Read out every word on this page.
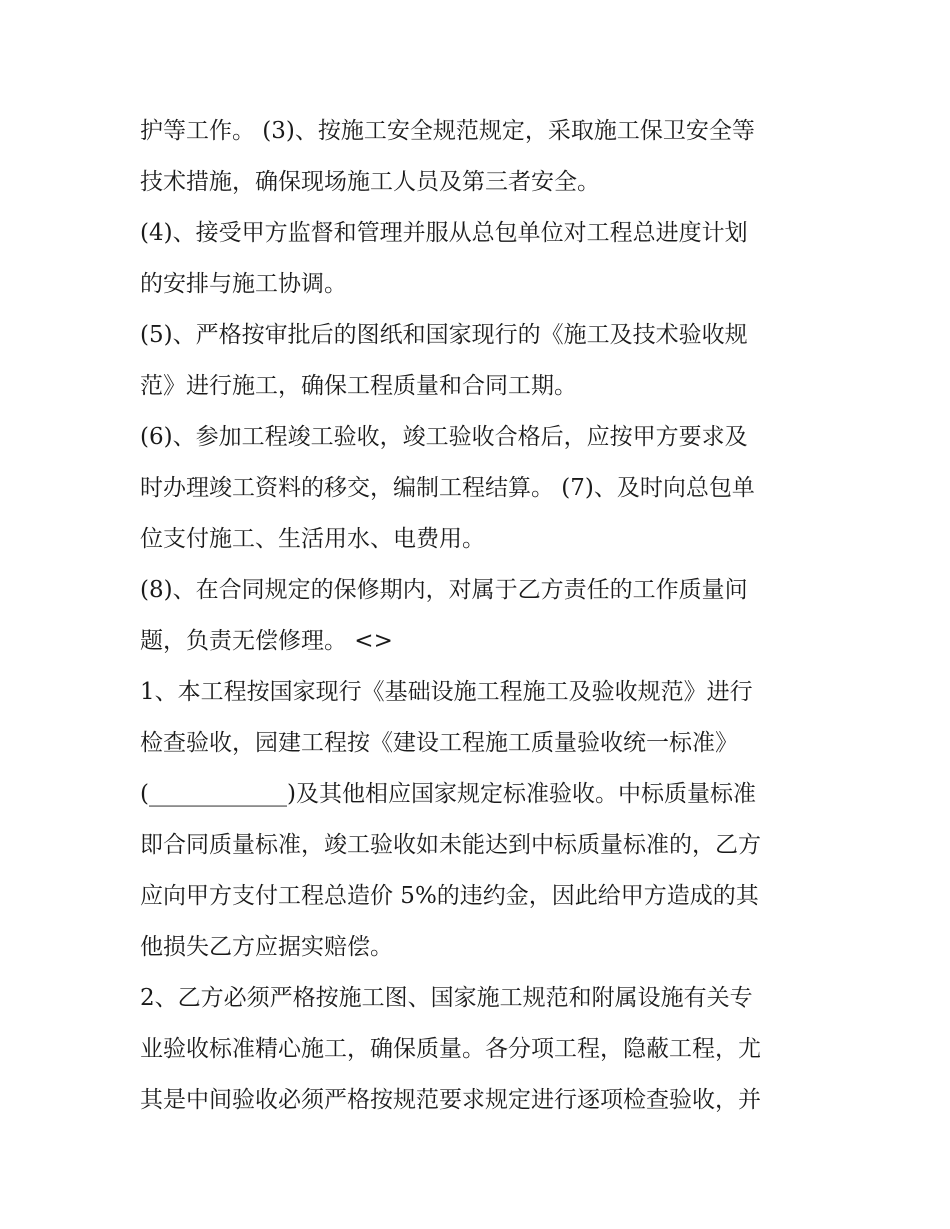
护等工作。 (3)、按施工安全规范规定，采取施工保卫安全等
技术措施，确保现场施工人员及第三者安全。

(4)、接受甲方监督和管理并服从总包单位对工程总进度计划
的安排与施工协调。

(5)、严格按审批后的图纸和国家现行的《施工及技术验收规
范》进行施工，确保工程质量和合同工期。

(6)、参加工程竣工验收，竣工验收合格后，应按甲方要求及
时办理竣工资料的移交，编制工程结算。 (7)、及时向总包单
位支付施工、生活用水、电费用。

(8)、在合同规定的保修期内，对属于乙方责任的工作质量问
题，负责无偿修理。 <>

1、本工程按国家现行《基础设施工程施工及验收规范》进行
检查验收，园建工程按《建设工程施工质量验收统一标准》
(____________)及其他相应国家规定标准验收。中标质量标准
即合同质量标准，竣工验收如未能达到中标质量标准的，乙方
应向甲方支付工程总造价 5%的违约金，因此给甲方造成的其
他损失乙方应据实赔偿。

2、乙方必须严格按施工图、国家施工规范和附属设施有关专
业验收标准精心施工，确保质量。各分项工程，隐蔽工程，尤
其是中间验收必须严格按规范要求规定进行逐项检查验收，并
